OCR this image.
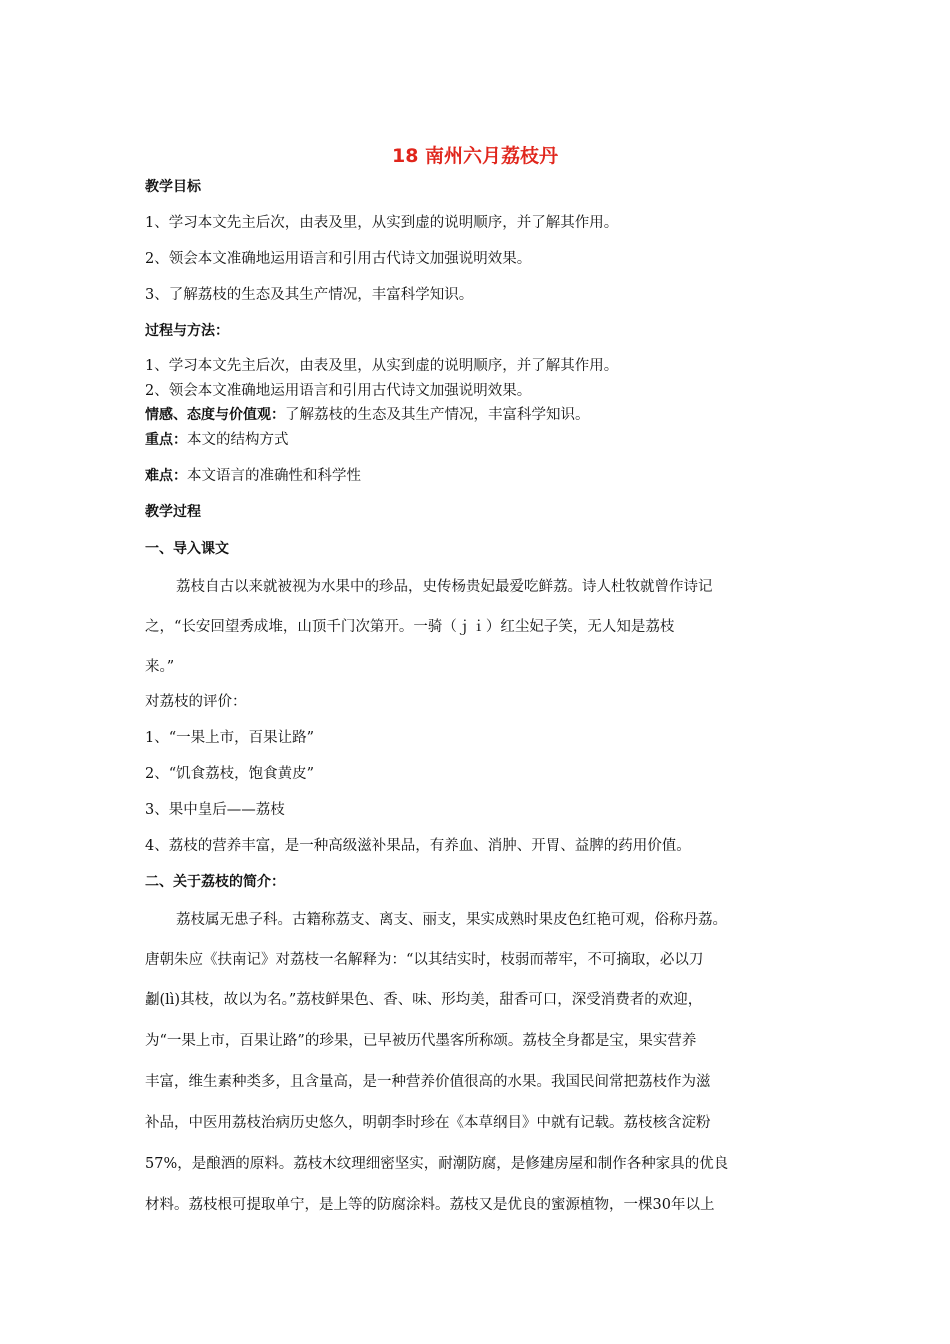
18 南州六月荔枝丹
教学目标
1、学习本文先主后次，由表及里，从实到虚的说明顺序，并了解其作用。
2、领会本文准确地运用语言和引用古代诗文加强说明效果。
3、了解荔枝的生态及其生产情况，丰富科学知识。
过程与方法：
1、学习本文先主后次，由表及里，从实到虚的说明顺序，并了解其作用。
2、领会本文准确地运用语言和引用古代诗文加强说明效果。
情感、态度与价值观：了解荔枝的生态及其生产情况，丰富科学知识。
重点：本文的结构方式
难点：本文语言的准确性和科学性
教学过程
一、导入课文
荔枝自古以来就被视为水果中的珍品，史传杨贵妃最爱吃鲜荔。诗人杜牧就曾作诗记
之，“长安回望秀成堆，山顶千门次第开。一骑（ｊｉ）红尘妃子笑，无人知是荔枝
来。”
对荔枝的评价：
1、“一果上市，百果让路”
2、“饥食荔枝，饱食黄皮”
3、果中皇后——荔枝
4、荔枝的营养丰富，是一种高级滋补果品，有养血、消肿、开胃、益脾的药用价值。
二、关于荔枝的简介：
荔枝属无患子科。古籍称荔支、离支、丽支，果实成熟时果皮色红艳可观，俗称丹荔。
唐朝朱应《扶南记》对荔枝一名解释为：“以其结实时，枝弱而蒂牢，不可摘取，必以刀
劙(lì)其枝，故以为名。”荔枝鲜果色、香、味、形均美，甜香可口，深受消费者的欢迎，
为“一果上市，百果让路”的珍果，已早被历代墨客所称颂。荔枝全身都是宝，果实营养
丰富，维生素种类多，且含量高，是一种营养价值很高的水果。我国民间常把荔枝作为滋
补品，中医用荔枝治病历史悠久，明朝李时珍在《本草纲目》中就有记载。荔枝核含淀粉
57%，是酿酒的原料。荔枝木纹理细密坚实，耐潮防腐，是修建房屋和制作各种家具的优良
材料。荔枝根可提取单宁，是上等的防腐涂料。荔枝又是优良的蜜源植物，一棵30年以上
